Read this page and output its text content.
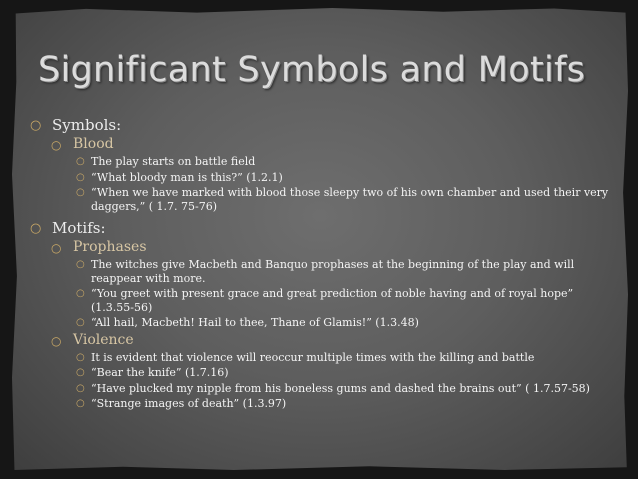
Significant Symbols and Motifs
○ Symbols:
○ Blood
○ The play starts on battle field
○ “What bloody man is this?” (1.2.1)
○ “When we have marked with blood those sleepy two of his own chamber and used their very daggers,” ( 1.7. 75-76)
○ Motifs:
○ Prophases
○ The witches give Macbeth and Banquo prophases at the beginning of the play and will reappear with more.
○ “You greet with present grace and great prediction of noble having and of royal hope” (1.3.55-56)
○ “All hail, Macbeth! Hail to thee, Thane of Glamis!” (1.3.48)
○ Violence
○ It is evident that violence will reoccur multiple times with the killing and battle
○ “Bear the knife” (1.7.16)
○ “Have plucked my nipple from his boneless gums and dashed the brains out” ( 1.7.57-58)
○ “Strange images of death” (1.3.97)
